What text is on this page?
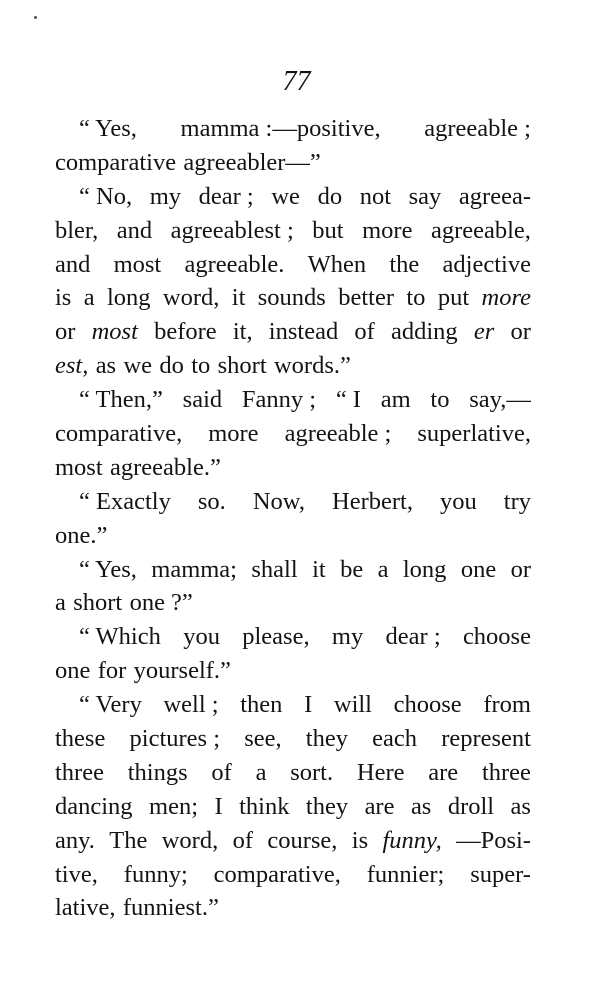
77
“ Yes, mamma :—positive, agreeable ;
comparative agreeabler—”
“ No, my dear ; we do not say agreea-
bler, and agreeablest ; but more agreeable,
and most agreeable. When the adjective
is a long word, it sounds better to put more
or most before it, instead of adding er or
est, as we do to short words.”
“ Then,” said Fanny ; “ I am to say,—
comparative, more agreeable ; superlative,
most agreeable.”
“ Exactly so. Now, Herbert, you try
one.”
“ Yes, mamma; shall it be a long one or
a short one ?”
“ Which you please, my dear ; choose
one for yourself.”
“ Very well ; then I will choose from
these pictures ; see, they each represent
three things of a sort. Here are three
dancing men; I think they are as droll as
any. The word, of course, is funny, —Posi-
tive, funny; comparative, funnier; super-
lative, funniest.”
